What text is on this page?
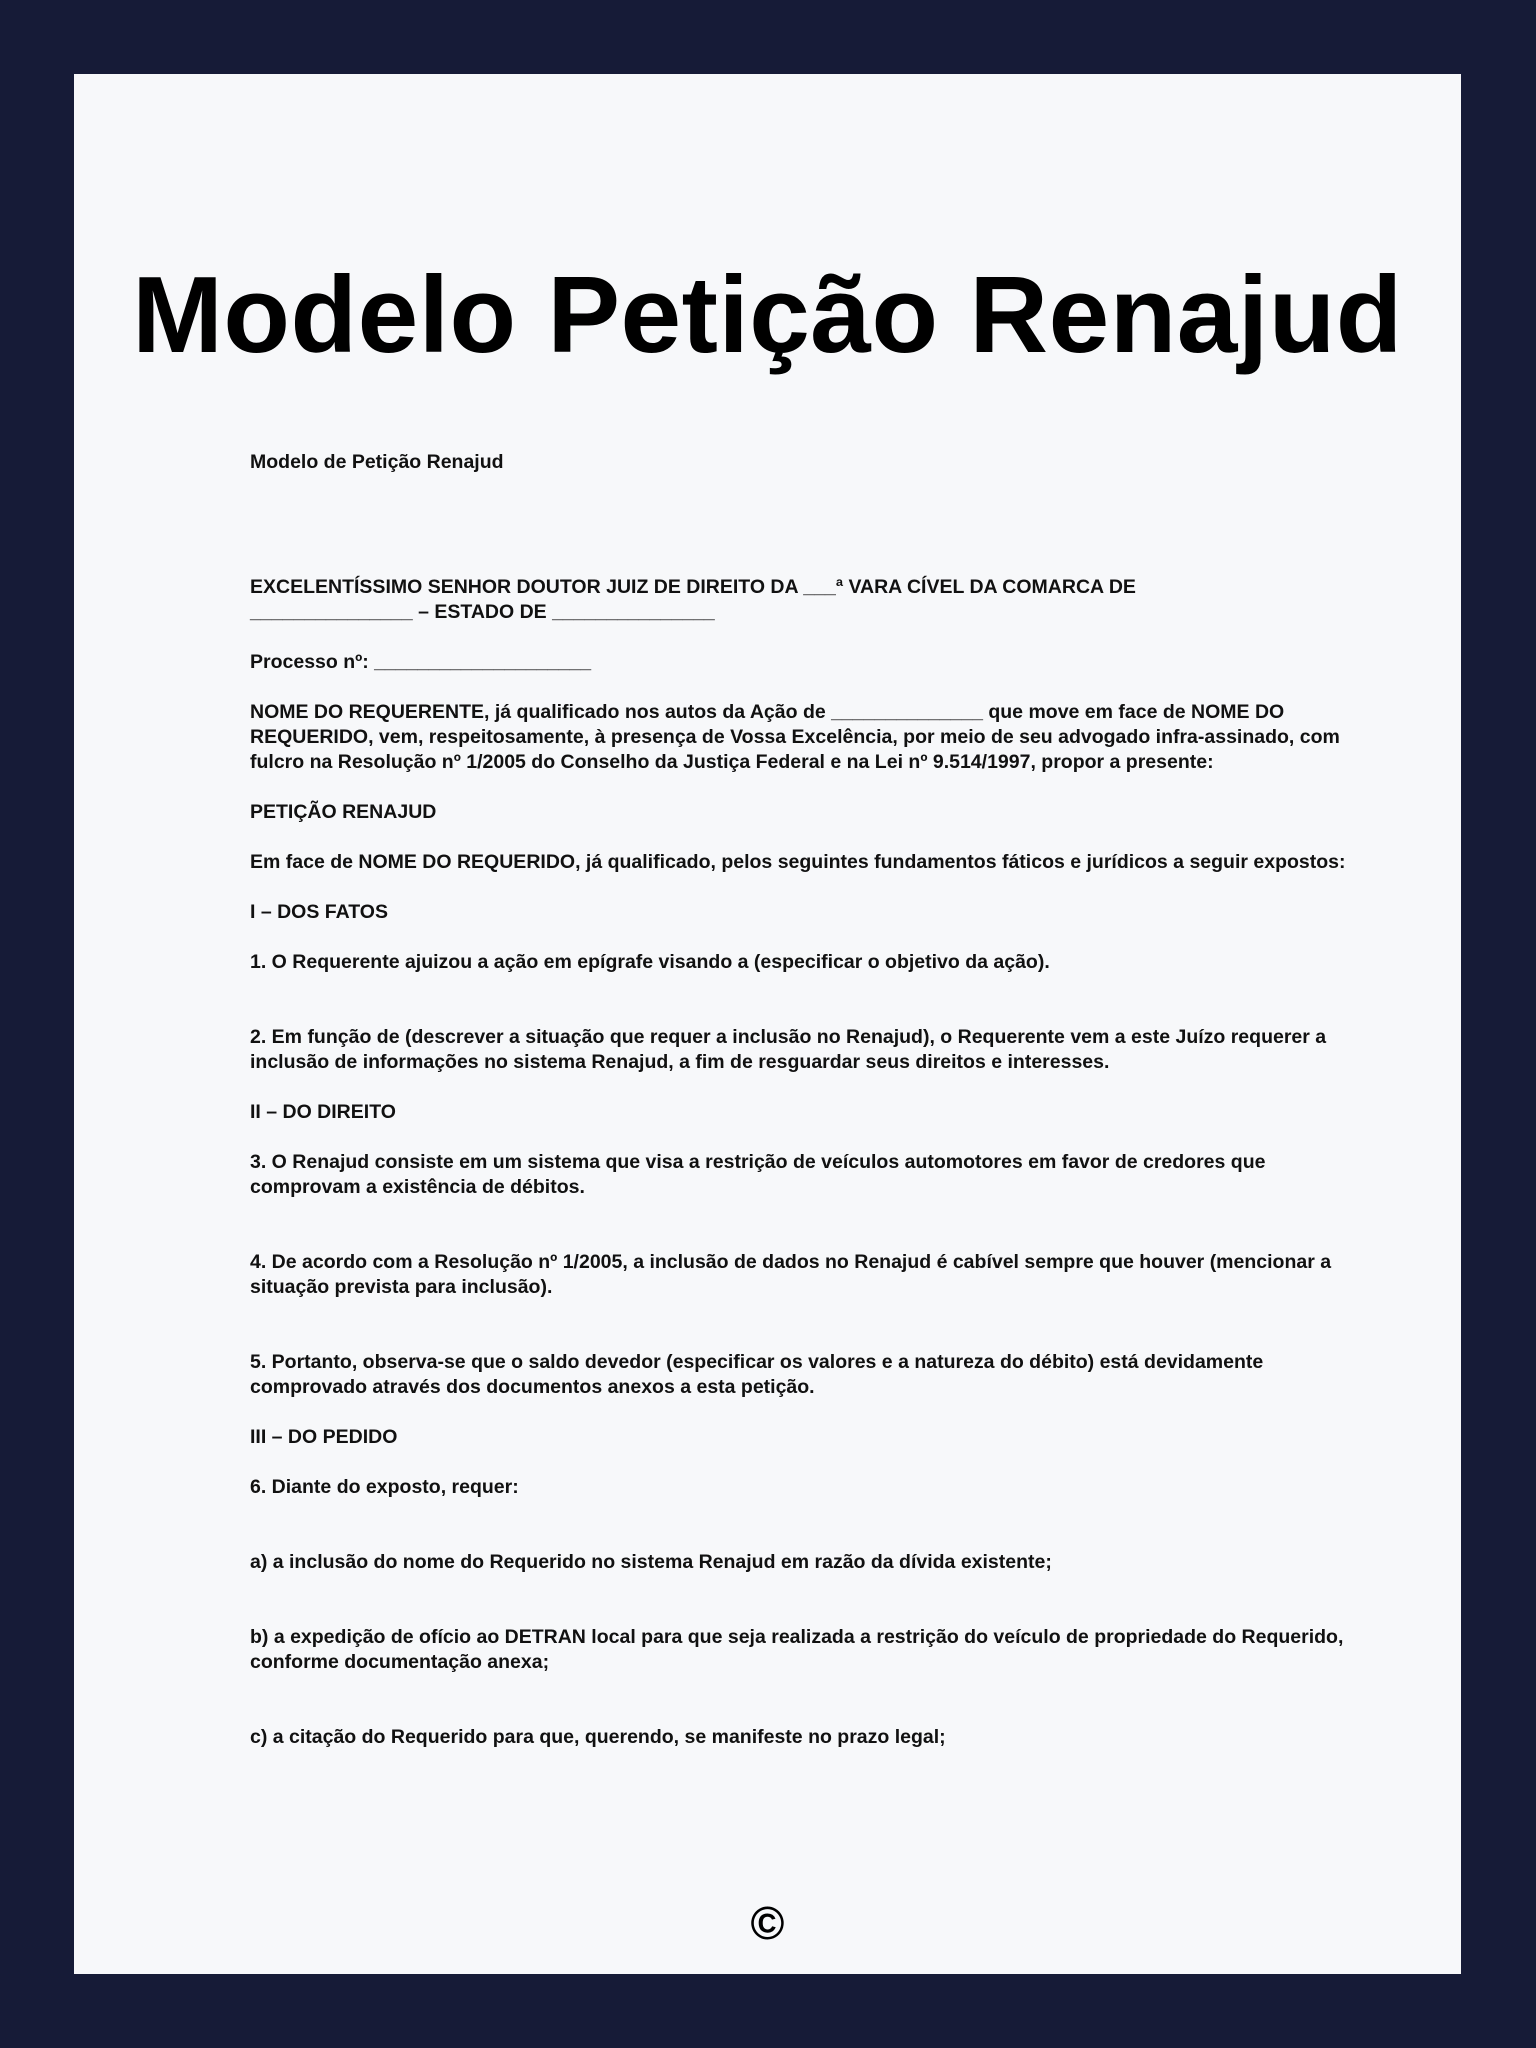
Modelo Petição Renajud

Modelo de Petição Renajud

EXCELENTÍSSIMO SENHOR DOUTOR JUIZ DE DIREITO DA ___ª VARA CÍVEL DA COMARCA DE

_______________ – ESTADO DE _______________

Processo nº: ____________________

NOME DO REQUERENTE, já qualificado nos autos da Ação de ______________ que move em face de NOME DO REQUERIDO, vem, respeitosamente, à presença de Vossa Excelência, por meio de seu advogado infra-assinado, com fulcro na Resolução nº 1/2005 do Conselho da Justiça Federal e na Lei nº 9.514/1997, propor a presente:

PETIÇÃO RENAJUD

Em face de NOME DO REQUERIDO, já qualificado, pelos seguintes fundamentos fáticos e jurídicos a seguir expostos:

I – DOS FATOS

1. O Requerente ajuizou a ação em epígrafe visando a (especificar o objetivo da ação).

2. Em função de (descrever a situação que requer a inclusão no Renajud), o Requerente vem a este Juízo requerer a inclusão de informações no sistema Renajud, a fim de resguardar seus direitos e interesses.

II – DO DIREITO

3. O Renajud consiste em um sistema que visa a restrição de veículos automotores em favor de credores que comprovam a existência de débitos.

4. De acordo com a Resolução nº 1/2005, a inclusão de dados no Renajud é cabível sempre que houver (mencionar a situação prevista para inclusão).

5. Portanto, observa-se que o saldo devedor (especificar os valores e a natureza do débito) está devidamente comprovado através dos documentos anexos a esta petição.

III – DO PEDIDO

6. Diante do exposto, requer:

a) a inclusão do nome do Requerido no sistema Renajud em razão da dívida existente;

b) a expedição de ofício ao DETRAN local para que seja realizada a restrição do veículo de propriedade do Requerido, conforme documentação anexa;

c) a citação do Requerido para que, querendo, se manifeste no prazo legal;

©
